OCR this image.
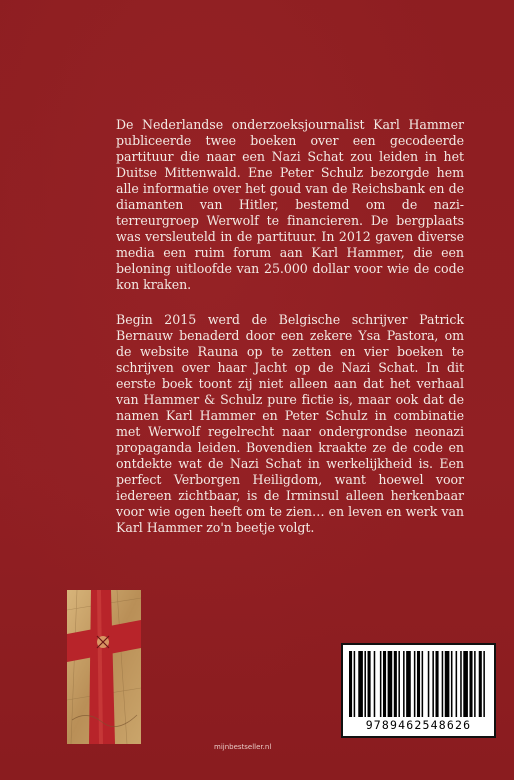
De Nederlandse onderzoeksjournalist Karl Hammer publiceerde twee boeken over een gecodeerde partituur die naar een Nazi Schat zou leiden in het Duitse Mittenwald. Ene Peter Schulz bezorgde hem alle informatie over het goud van de Reichsbank en de diamanten van Hitler, bestemd om de nazi-terreurgroep Werwolf te financieren. De bergplaats was versleuteld in de partituur. In 2012 gaven diverse media een ruim forum aan Karl Hammer, die een beloning uitloofde van 25.000 dollar voor wie de code kon kraken.

Begin 2015 werd de Belgische schrijver Patrick Bernauw benaderd door een zekere Ysa Pastora, om de website Rauna op te zetten en vier boeken te schrijven over haar Jacht op de Nazi Schat. In dit eerste boek toont zij niet alleen aan dat het verhaal van Hammer & Schulz pure fictie is, maar ook dat de namen Karl Hammer en Peter Schulz in combinatie met Werwolf regelrecht naar ondergrondse neonazi propaganda leiden. Bovendien kraakte ze de code en ontdekte wat de Nazi Schat in werkelijkheid is. Een perfect Verborgen Heiligdom, want hoewel voor iedereen zichtbaar, is de Irminsul alleen herkenbaar voor wie ogen heeft om te zien… en leven en werk van Karl Hammer zo'n beetje volgt.

9789462548626
mijnbestseller.nl
